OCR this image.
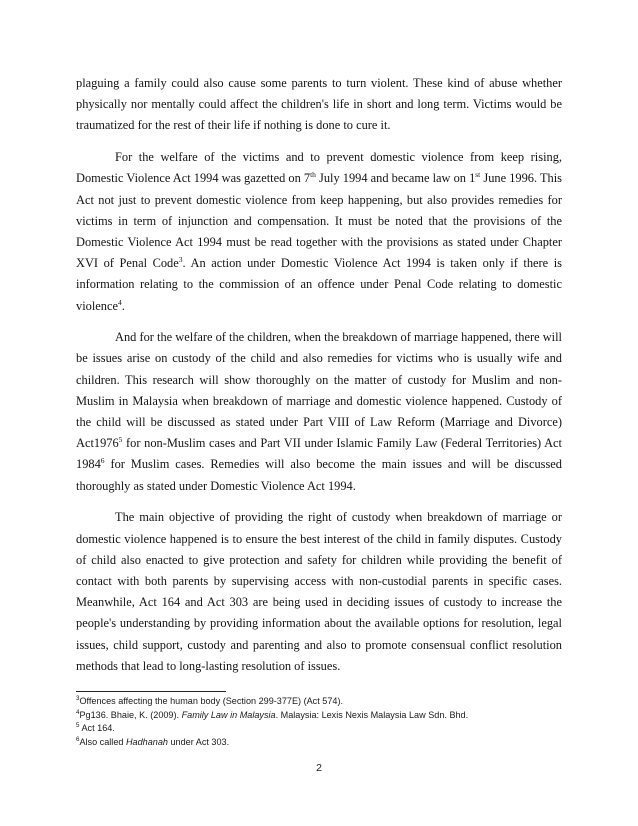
plaguing a family could also cause some parents to turn violent. These kind of abuse whether physically nor mentally could affect the children's life in short and long term. Victims would be traumatized for the rest of their life if nothing is done to cure it.

For the welfare of the victims and to prevent domestic violence from keep rising, Domestic Violence Act 1994 was gazetted on 7th July 1994 and became law on 1st June 1996. This Act not just to prevent domestic violence from keep happening, but also provides remedies for victims in term of injunction and compensation. It must be noted that the provisions of the Domestic Violence Act 1994 must be read together with the provisions as stated under Chapter XVI of Penal Code$^3$. An action under Domestic Violence Act 1994 is taken only if there is information relating to the commission of an offence under Penal Code relating to domestic violence$^4$.

And for the welfare of the children, when the breakdown of marriage happened, there will be issues arise on custody of the child and also remedies for victims who is usually wife and children. This research will show thoroughly on the matter of custody for Muslim and non-Muslim in Malaysia when breakdown of marriage and domestic violence happened. Custody of the child will be discussed as stated under Part VIII of Law Reform (Marriage and Divorce) Act1976$^5$ for non-Muslim cases and Part VII under Islamic Family Law (Federal Territories) Act 1984$^6$ for Muslim cases. Remedies will also become the main issues and will be discussed thoroughly as stated under Domestic Violence Act 1994.

The main objective of providing the right of custody when breakdown of marriage or domestic violence happened is to ensure the best interest of the child in family disputes. Custody of child also enacted to give protection and safety for children while providing the benefit of contact with both parents by supervising access with non-custodial parents in specific cases. Meanwhile, Act 164 and Act 303 are being used in deciding issues of custody to increase the people's understanding by providing information about the available options for resolution, legal issues, child support, custody and parenting and also to promote consensual conflict resolution methods that lead to long-lasting resolution of issues.

$^3$Offences affecting the human body (Section 299-377E) (Act 574).
$^4$Pg136. Bhaie, K. (2009). Family Law in Malaysia. Malaysia: Lexis Nexis Malaysia Law Sdn. Bhd.
$^5$ Act 164.
$^6$Also called Hadhanah under Act 303.
2
